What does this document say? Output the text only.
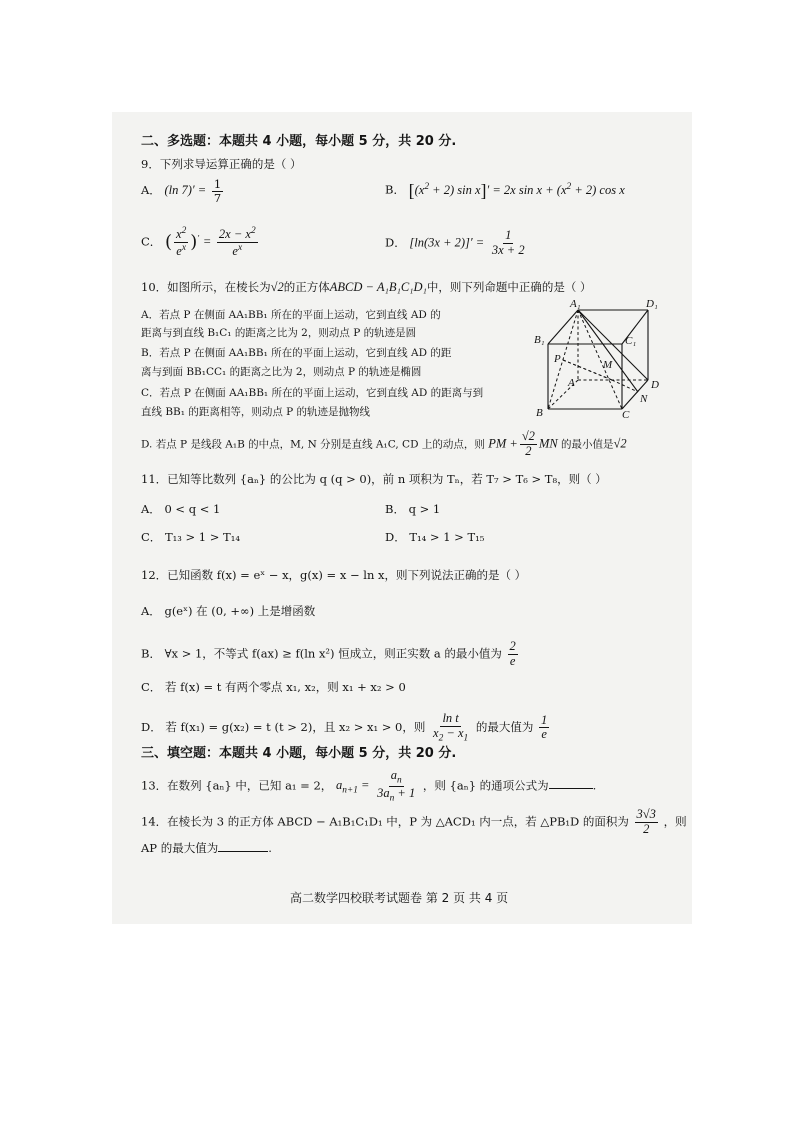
二、多选题：本题共 4 小题，每小题 5 分，共 20 分.
9．下列求导运算正确的是（ ）
A． (ln $7)' = \frac{1}{7}$	B． [$(x^2 + 2)$ sin x]′ = 2x $\sin x + (x^2 + 2)$ cos x
C． ( $\frac{x^2}{e^x} )' = \frac{2x - x^2}{e^x}$	D． $[\ln(3x + 2)]' = \frac{1}{3x + 2}$
10．如图所示，在棱长为√2的正方体ABCD − A₁B₁C₁D₁中，则下列命题中正确的是（ ）
A．若点 P 在侧面 AA₁BB₁ 所在的平面上运动，它到直线 AD 的
距离与到直线 B₁C₁ 的距离之比为 2，则动点 P 的轨迹是圆
B．若点 P 在侧面 AA₁BB₁ 所在的平面上运动，它到直线 AD 的距
离与到面 BB₁CC₁ 的距离之比为 2，则动点 P 的轨迹是椭圆
C．若点 P 在侧面 AA₁BB₁ 所在的平面上运动，它到直线 AD 的距离与到
直线 BB₁ 的距离相等，则动点 P 的轨迹是抛物线
D. 若点 P 是线段 A₁B 的中点，M, N 分别是直线 A₁C, CD 上的动点，则 PM + $\frac{√2}{2}$ MN 的最小值是√2
A₁	D₁
B₁	C₁
P	M
A	D
N
B	C
11．已知等比数列 {aₙ} 的公比为 q (q > 0)，前 n 项积为 Tₙ，若 T₇ > T₆ > T₈，则（ ）
A． 0 < q < 1	B． q > 1
C． T₁₃ > 1 > T₁₄	D． T₁₄ > 1 > T₁₅
12．已知函数 f(x) = eˣ − x，g(x) = x − ln x，则下列说法正确的是（ ）
A． g(eˣ) 在 (0, +∞) 上是增函数
B． ∀x > 1，不等式 f(ax) ≥ f(ln x²) 恒成立，则正实数 a 的最小值为 $\frac{2}{e}$
C． 若 f(x) = t 有两个零点 x₁, x₂，则 x₁ + x₂ > 0
D． 若 f(x₁) = g(x₂) = t (t > 2)，且 x₂ > x₁ > 0，则 $\frac{\text{ln t}}{x_2 - x_1}$ 的最大值为 $\frac{1}{e}$
三、填空题：本题共 4 小题，每小题 5 分，共 20 分.
13．在数列 {aₙ} 中，已知 a₁ = 2， $a_{n+1} = \frac{a_n}{3a_n + 1}$ ，则 {aₙ} 的通项公式为	.
14．在棱长为 3 的正方体 ABCD − A₁B₁C₁D₁ 中，P 为 △ACD₁ 内一点，若 △PB₁D 的面积为 $\frac{3√3}{2}$ ，则
AP 的最大值为	.
高二数学四校联考试题卷 第 2 页 共 4 页
